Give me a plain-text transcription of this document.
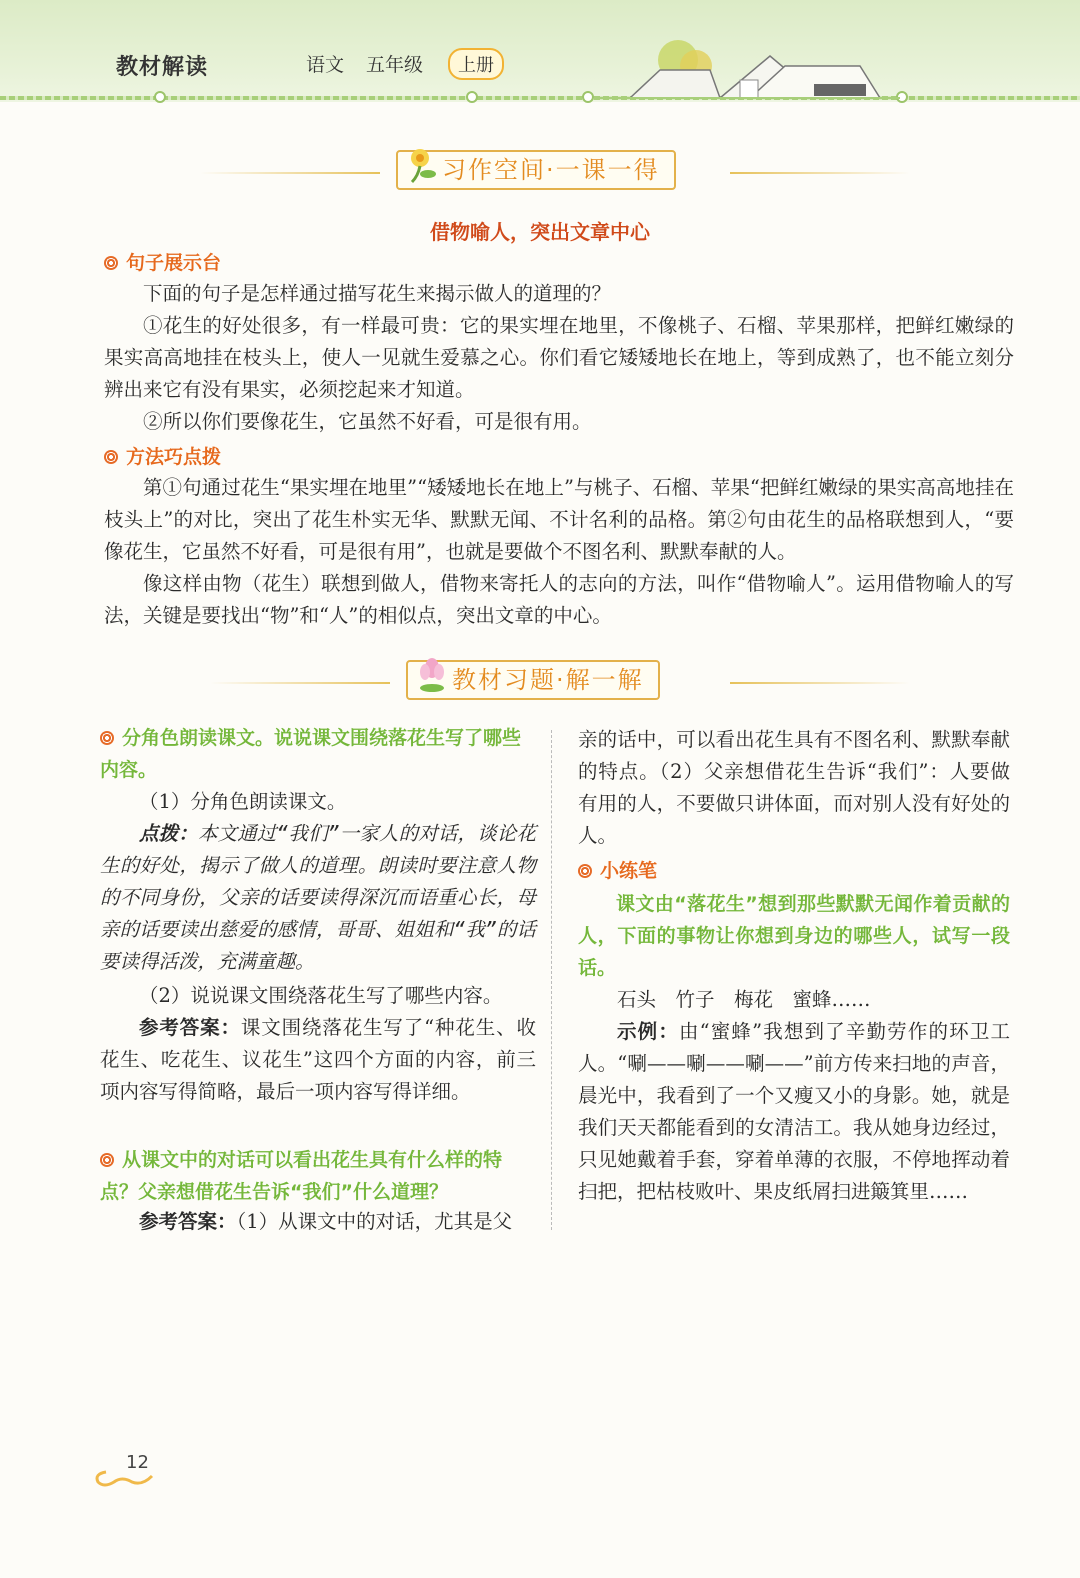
教材解读	语文 五年级	上册
习作空间·一课一得
借物喻人，突出文章中心
句子展示台

下面的句子是怎样通过描写花生来揭示做人的道理的？

①花生的好处很多，有一样最可贵：它的果实埋在地里，不像桃子、石榴、苹果那样，把鲜红嫩绿的果实高高地挂在枝头上，使人一见就生爱慕之心。你们看它矮矮地长在地上，等到成熟了，也不能立刻分辨出来它有没有果实，必须挖起来才知道。

②所以你们要像花生，它虽然不好看，可是很有用。

方法巧点拨

第①句通过花生“果实埋在地里”“矮矮地长在地上”与桃子、石榴、苹果“把鲜红嫩绿的果实高高地挂在枝头上”的对比，突出了花生朴实无华、默默无闻、不计名利的品格。第②句由花生的品格联想到人，“要像花生，它虽然不好看，可是很有用”，也就是要做个不图名利、默默奉献的人。

像这样由物（花生）联想到做人，借物来寄托人的志向的方法，叫作“借物喻人”。运用借物喻人的写法，关键是要找出“物”和“人”的相似点，突出文章的中心。

教材习题·解一解
分角色朗读课文。说说课文围绕落花生写了哪些内容。

（1）分角色朗读课文。

点拨：本文通过“我们”一家人的对话，谈论花生的好处，揭示了做人的道理。朗读时要注意人物的不同身份，父亲的话要读得深沉而语重心长，母亲的话要读出慈爱的感情，哥哥、姐姐和“我”的话要读得活泼，充满童趣。

（2）说说课文围绕落花生写了哪些内容。

参考答案：课文围绕落花生写了“种花生、收花生、吃花生、议花生”这四个方面的内容，前三项内容写得简略，最后一项内容写得详细。

从课文中的对话可以看出花生具有什么样的特点？父亲想借花生告诉“我们”什么道理？

参考答案：（1）从课文中的对话，尤其是父

亲的话中，可以看出花生具有不图名利、默默奉献的特点。（2）父亲想借花生告诉“我们”：人要做有用的人，不要做只讲体面，而对别人没有好处的人。

小练笔

课文由“落花生”想到那些默默无闻作着贡献的人，下面的事物让你想到身边的哪些人，试写一段话。

石头　竹子　梅花　蜜蜂……

示例：由“蜜蜂”我想到了辛勤劳作的环卫工人。“唰——唰——唰——”前方传来扫地的声音，晨光中，我看到了一个又瘦又小的身影。她，就是我们天天都能看到的女清洁工。我从她身边经过，只见她戴着手套，穿着单薄的衣服，不停地挥动着扫把，把枯枝败叶、果皮纸屑扫进簸箕里……

12
